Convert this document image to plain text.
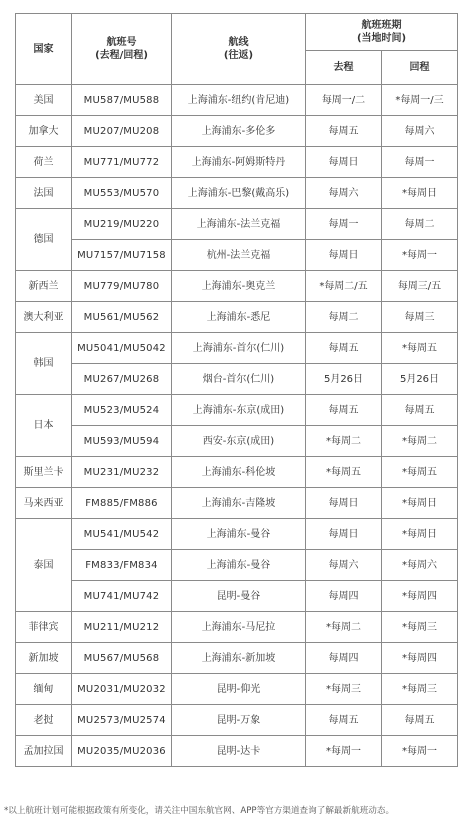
国家	航班号
(去程/回程)	航线
(往返)	航班班期
(当地时间)	
			去程	回程
美国	MU587/MU588	上海浦东-纽约(肯尼迪)	每周一/二	*每周一/三
加拿大	MU207/MU208	上海浦东-多伦多	每周五	每周六
荷兰	MU771/MU772	上海浦东-阿姆斯特丹	每周日	每周一
法国	MU553/MU570	上海浦东-巴黎(戴高乐)	每周六	*每周日
德国	MU219/MU220	上海浦东-法兰克福	每周一	每周二
	MU7157/MU7158	杭州-法兰克福	每周日	*每周一
新西兰	MU779/MU780	上海浦东-奥克兰	*每周二/五	每周三/五
澳大利亚	MU561/MU562	上海浦东-悉尼	每周二	每周三
韩国	MU5041/MU5042	上海浦东-首尔(仁川)	每周五	*每周五
	MU267/MU268	烟台-首尔(仁川)	5月26日	5月26日
日本	MU523/MU524	上海浦东-东京(成田)	每周五	每周五
	MU593/MU594	西安-东京(成田)	*每周二	*每周二
斯里兰卡	MU231/MU232	上海浦东-科伦坡	*每周五	*每周五
马来西亚	FM885/FM886	上海浦东-吉隆坡	每周日	*每周日
泰国	MU541/MU542	上海浦东-曼谷	每周日	*每周日
	FM833/FM834	上海浦东-曼谷	每周六	*每周六
	MU741/MU742	昆明-曼谷	每周四	*每周四
菲律宾	MU211/MU212	上海浦东-马尼拉	*每周二	*每周三
新加坡	MU567/MU568	上海浦东-新加坡	每周四	*每周四
缅甸	MU2031/MU2032	昆明-仰光	*每周三	*每周三
老挝	MU2573/MU2574	昆明-万象	每周五	每周五
孟加拉国	MU2035/MU2036	昆明-达卡	*每周一	*每周一
*以上航班计划可能根据政策有所变化，请关注中国东航官网、APP等官方渠道查询了解最新航班动态。
